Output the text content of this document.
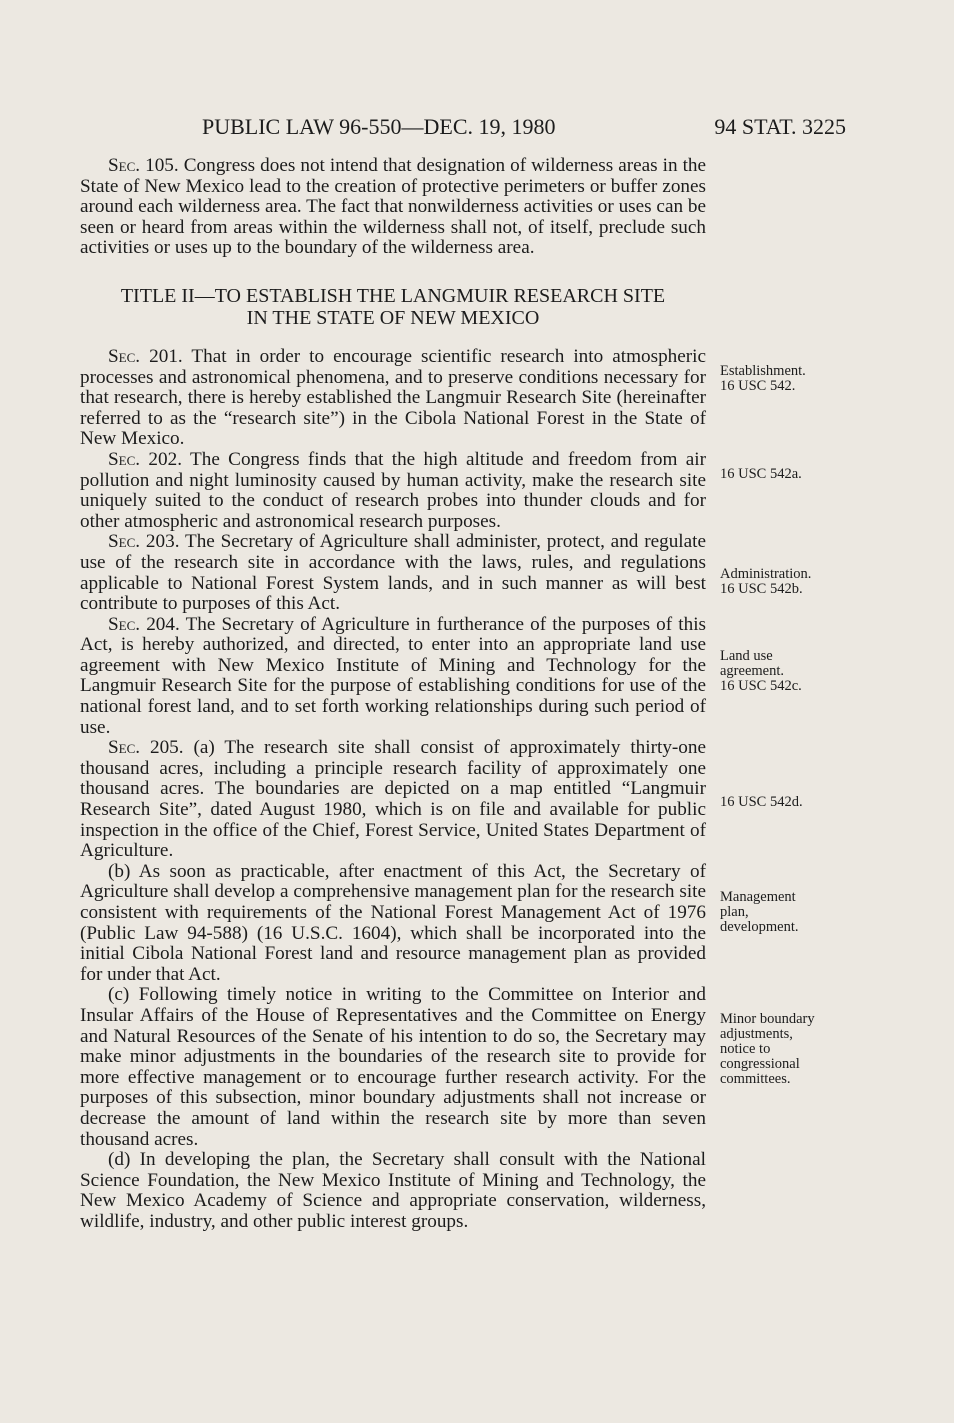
PUBLIC LAW 96-550—DEC. 19, 1980	94 STAT. 3225

Sec. 105. Congress does not intend that designation of wilderness areas in the State of New Mexico lead to the creation of protective perimeters or buffer zones around each wilderness area. The fact that nonwilderness activities or uses can be seen or heard from areas within the wilderness shall not, of itself, preclude such activities or uses up to the boundary of the wilderness area.

TITLE II—TO ESTABLISH THE LANGMUIR RESEARCH SITE
IN THE STATE OF NEW MEXICO

Sec. 201. That in order to encourage scientific research into atmospheric processes and astronomical phenomena, and to preserve conditions necessary for that research, there is hereby established the Langmuir Research Site (hereinafter referred to as the “research site”) in the Cibola National Forest in the State of New Mexico.

Sec. 202. The Congress finds that the high altitude and freedom from air pollution and night luminosity caused by human activity, make the research site uniquely suited to the conduct of research probes into thunder clouds and for other atmospheric and astronomical research purposes.

Sec. 203. The Secretary of Agriculture shall administer, protect, and regulate use of the research site in accordance with the laws, rules, and regulations applicable to National Forest System lands, and in such manner as will best contribute to purposes of this Act.

Sec. 204. The Secretary of Agriculture in furtherance of the purposes of this Act, is hereby authorized, and directed, to enter into an appropriate land use agreement with New Mexico Institute of Mining and Technology for the Langmuir Research Site for the purpose of establishing conditions for use of the national forest land, and to set forth working relationships during such period of use.

Sec. 205. (a) The research site shall consist of approximately thirty-one thousand acres, including a principle research facility of approximately one thousand acres. The boundaries are depicted on a map entitled “Langmuir Research Site”, dated August 1980, which is on file and available for public inspection in the office of the Chief, Forest Service, United States Department of Agriculture.

(b) As soon as practicable, after enactment of this Act, the Secretary of Agriculture shall develop a comprehensive management plan for the research site consistent with requirements of the National Forest Management Act of 1976 (Public Law 94-588) (16 U.S.C. 1604), which shall be incorporated into the initial Cibola National Forest land and resource management plan as provided for under that Act.

(c) Following timely notice in writing to the Committee on Interior and Insular Affairs of the House of Representatives and the Committee on Energy and Natural Resources of the Senate of his intention to do so, the Secretary may make minor adjustments in the boundaries of the research site to provide for more effective management or to encourage further research activity. For the purposes of this subsection, minor boundary adjustments shall not increase or decrease the amount of land within the research site by more than seven thousand acres.

(d) In developing the plan, the Secretary shall consult with the National Science Foundation, the New Mexico Institute of Mining and Technology, the New Mexico Academy of Science and appropriate conservation, wilderness, wildlife, industry, and other public interest groups.

Establishment.
16 USC 542.
16 USC 542a.
Administration.
16 USC 542b.
Land use
agreement.
16 USC 542c.
16 USC 542d.
Management
plan,
development.
Minor boundary
adjustments,
notice to
congressional
committees.
